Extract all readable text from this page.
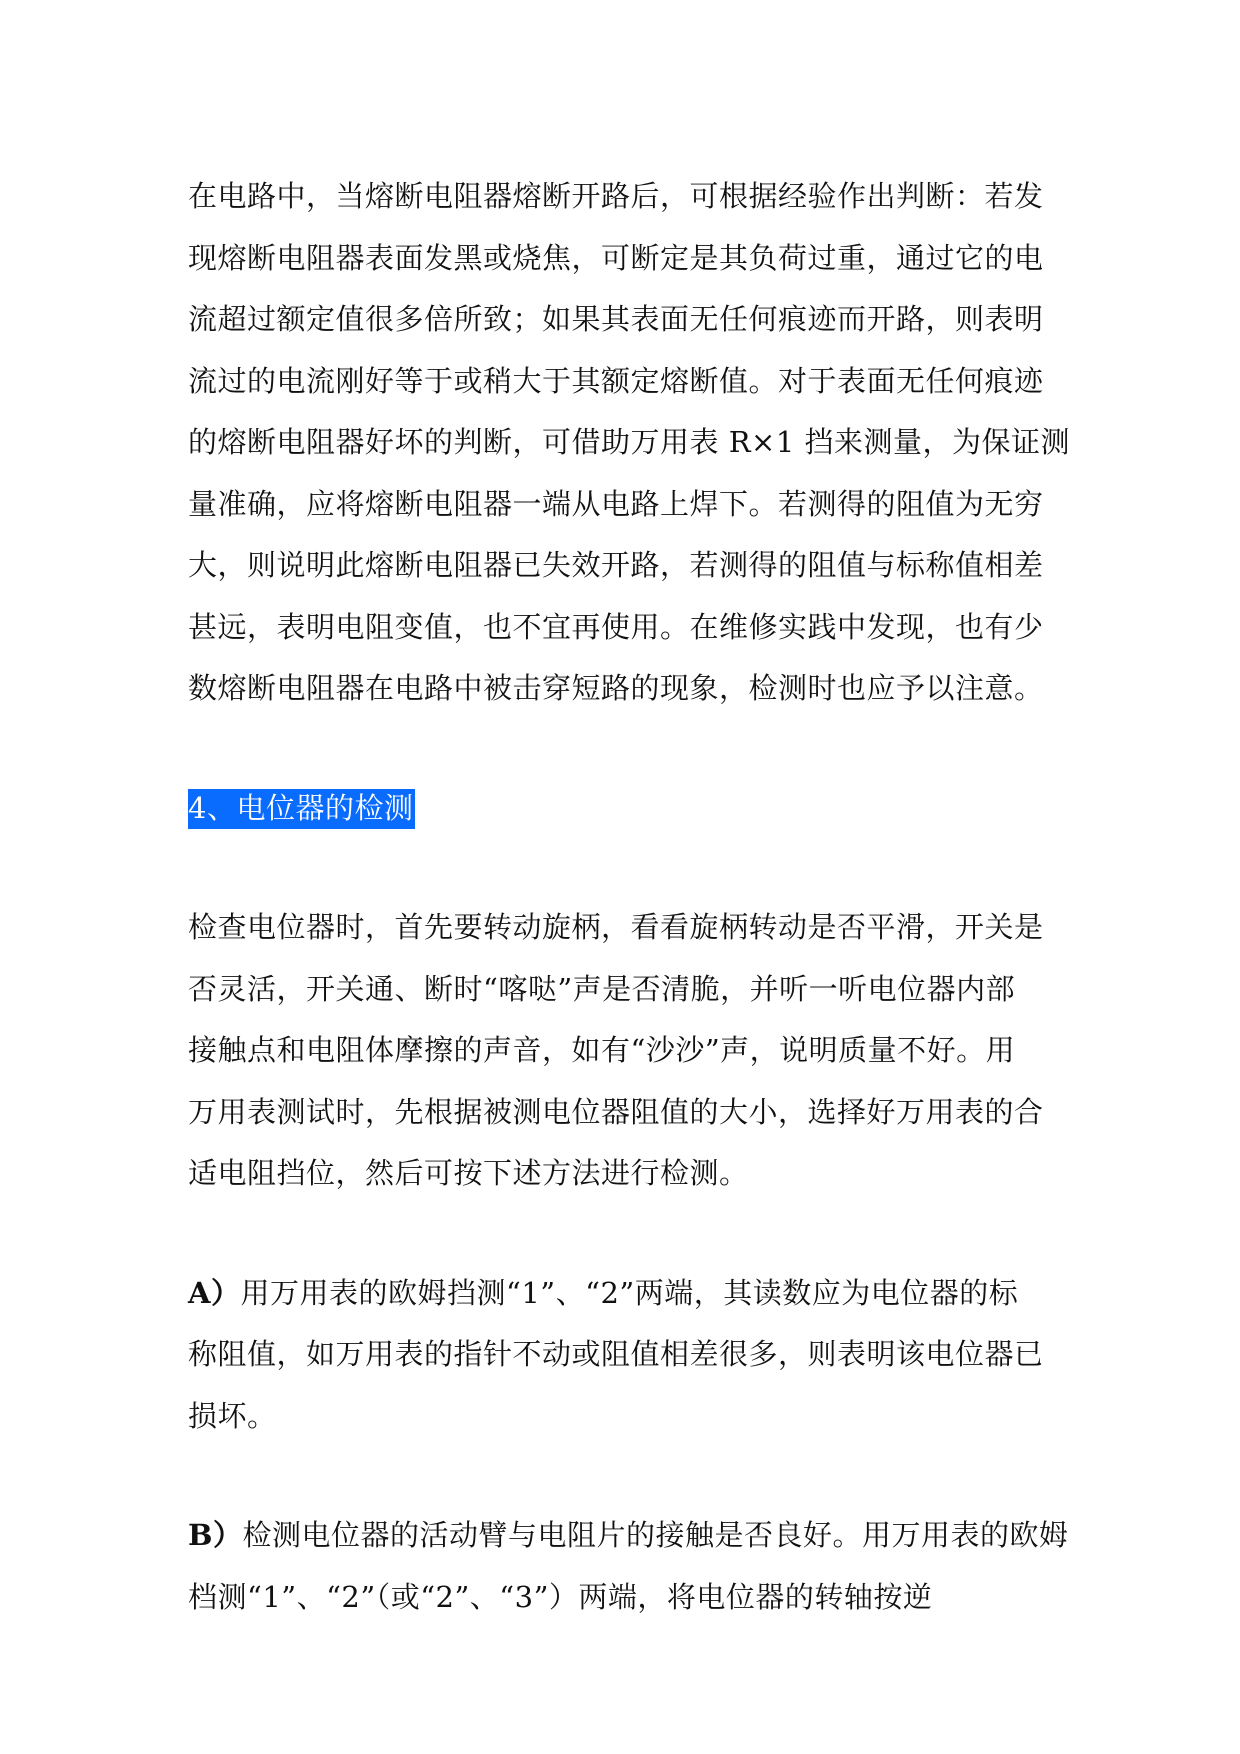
在电路中，当熔断电阻器熔断开路后，可根据经验作出判断：若发
现熔断电阻器表面发黑或烧焦，可断定是其负荷过重，通过它的电
流超过额定值很多倍所致；如果其表面无任何痕迹而开路，则表明
流过的电流刚好等于或稍大于其额定熔断值。对于表面无任何痕迹
的熔断电阻器好坏的判断，可借助万用表 R×1 挡来测量，为保证测
量准确，应将熔断电阻器一端从电路上焊下。若测得的阻值为无穷
大，则说明此熔断电阻器已失效开路，若测得的阻值与标称值相差
甚远，表明电阻变值，也不宜再使用。在维修实践中发现，也有少
数熔断电阻器在电路中被击穿短路的现象，检测时也应予以注意。

4、电位器的检测

检查电位器时，首先要转动旋柄，看看旋柄转动是否平滑，开关是
否灵活，开关通、断时“喀哒”声是否清脆，并听一听电位器内部
接触点和电阻体摩擦的声音，如有“沙沙”声，说明质量不好。用
万用表测试时，先根据被测电位器阻值的大小，选择好万用表的合
适电阻挡位，然后可按下述方法进行检测。

A）用万用表的欧姆挡测“1”、“2”两端，其读数应为电位器的标
称阻值，如万用表的指针不动或阻值相差很多，则表明该电位器已
损坏。

B）检测电位器的活动臂与电阻片的接触是否良好。用万用表的欧姆
档测“1”、“2”（或“2”、“3”）两端，将电位器的转轴按逆
